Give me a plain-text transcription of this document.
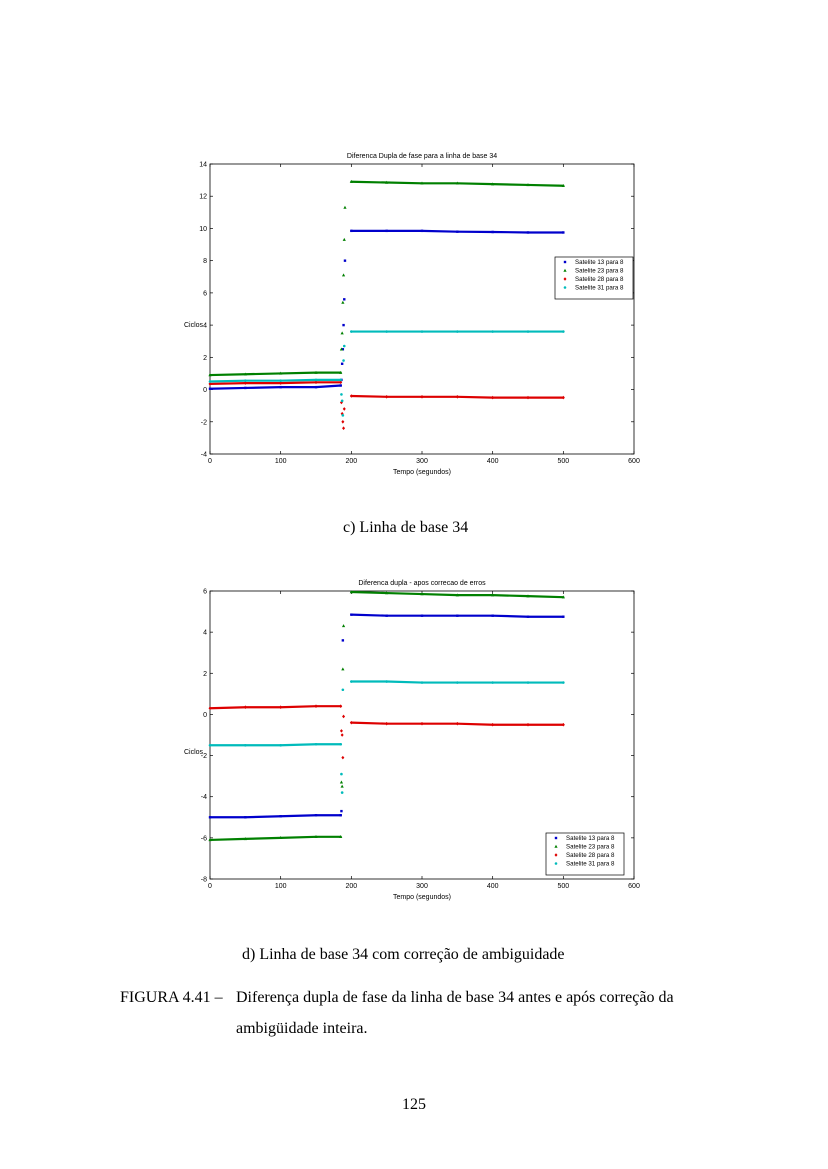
Diferenca Dupla de fase para a linha de base 34
0	100	200	300	400	500	600
-4
-2
0
2
4
6
8
10
12
14
Tempo (segundos)
Ciclos
Satelite 13 para 8
Satelite 23 para 8
Satelite 28 para 8
Satelite 31 para 8
c) Linha de base 34
Diferenca dupla - apos correcao de erros
0	100	200	300	400	500	600
-8
-6
-4
-2
0
2
4
6
Tempo (segundos)
Ciclos
Satelite 13 para 8
Satelite 23 para 8
Satelite 28 para 8
Satelite 31 para 8
d) Linha de base 34 com correção de ambiguidade
FIGURA 4.41 – Diferença dupla de fase da linha de base 34 antes e após correção da
ambigüidade inteira.
125
